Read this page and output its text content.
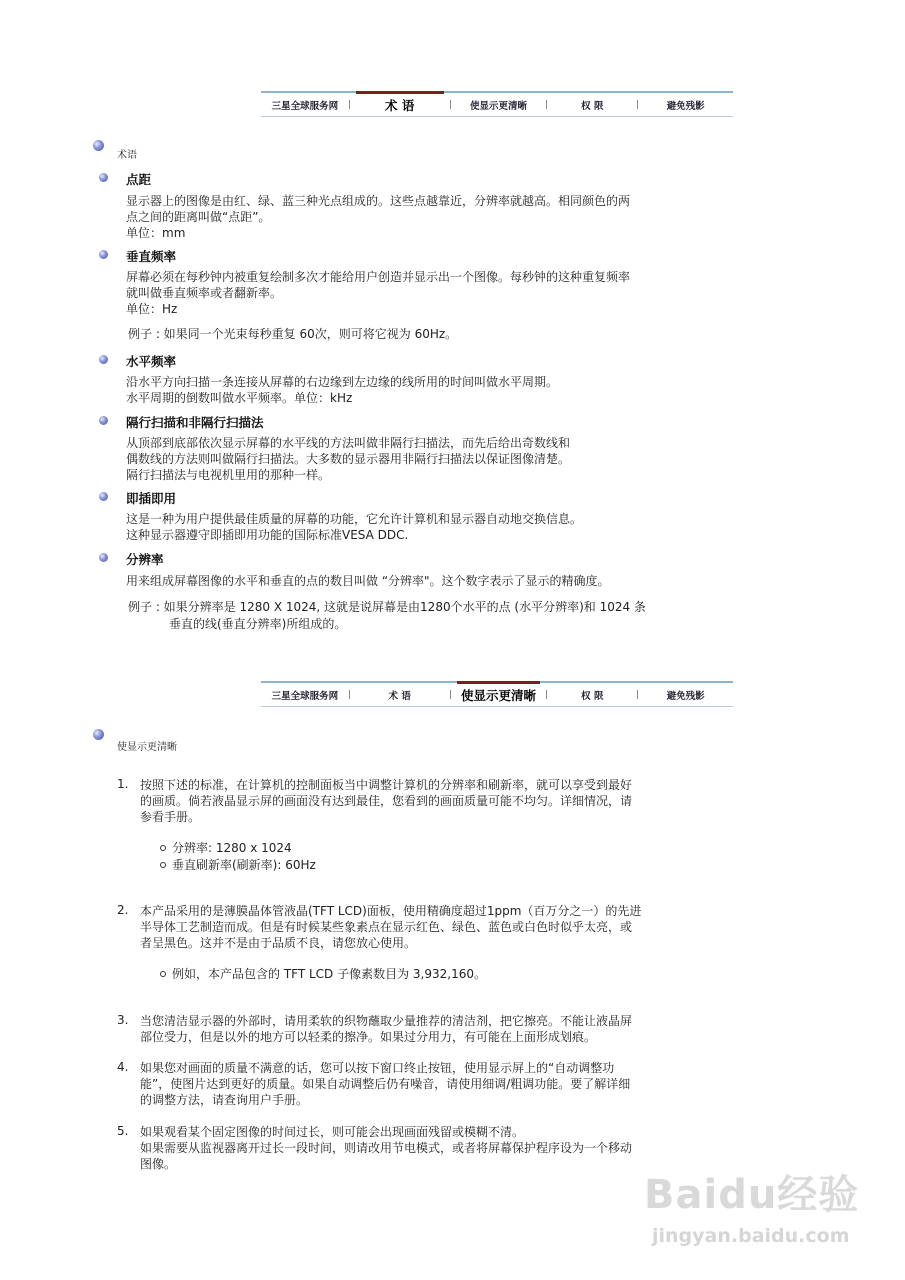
三星全球服务网	术 语	使显示更清晰	权 限	避免残影
术语
点距
显示器上的图像是由红、绿、蓝三种光点组成的。这些点越靠近，分辨率就越高。相同颜色的两
点之间的距离叫做“点距”。
单位：mm
垂直频率
屏幕必须在每秒钟内被重复绘制多次才能给用户创造并显示出一个图像。每秒钟的这种重复频率
就叫做垂直频率或者翻新率。
单位：Hz
例子 : 如果同一个光束每秒重复 60次，则可将它视为 60Hz。
水平频率
沿水平方向扫描一条连接从屏幕的右边缘到左边缘的线所用的时间叫做水平周期。
水平周期的倒数叫做水平频率。单位：kHz
隔行扫描和非隔行扫描法
从顶部到底部依次显示屏幕的水平线的方法叫做非隔行扫描法，而先后给出奇数线和
偶数线的方法则叫做隔行扫描法。大多数的显示器用非隔行扫描法以保证图像清楚。
隔行扫描法与电视机里用的那种一样。
即插即用
这是一种为用户提供最佳质量的屏幕的功能，它允许计算机和显示器自动地交换信息。
这种显示器遵守即插即用功能的国际标准VESA DDC.
分辨率
用来组成屏幕图像的水平和垂直的点的数目叫做 “分辨率"。这个数字表示了显示的精确度。
例子 : 如果分辨率是 1280 X 1024, 这就是说屏幕是由1280个水平的点 (水平分辨率)和 1024 条
垂直的线(垂直分辨率)所组成的。
三星全球服务网	术 语	使显示更清晰	权 限	避免残影
使显示更清晰
1. 按照下述的标准，在计算机的控制面板当中调整计算机的分辨率和刷新率，就可以享受到最好
的画质。倘若液晶显示屏的画面没有达到最佳，您看到的画面质量可能不均匀。详细情况，请
参看手册。
分辨率: 1280 x 1024
垂直刷新率(刷新率): 60Hz
2. 本产品采用的是薄膜晶体管液晶(TFT LCD)面板，使用精确度超过1ppm（百万分之一）的先进
半导体工艺制造而成。但是有时候某些象素点在显示红色、绿色、蓝色或白色时似乎太亮，或
者呈黑色。这并不是由于品质不良，请您放心使用。
例如，本产品包含的 TFT LCD 子像素数目为 3,932,160。
3. 当您清洁显示器的外部时，请用柔软的织物蘸取少量推荐的清洁剂，把它擦亮。不能让液晶屏
部位受力，但是以外的地方可以轻柔的擦净。如果过分用力，有可能在上面形成划痕。
4. 如果您对画面的质量不满意的话，您可以按下窗口终止按钮，使用显示屏上的“自动调整功
能”，使图片达到更好的质量。如果自动调整后仍有噪音，请使用细调/粗调功能。要了解详细
的调整方法，请查询用户手册。
5. 如果观看某个固定图像的时间过长，则可能会出现画面残留或模糊不清。
如果需要从监视器离开过长一段时间，则请改用节电模式，或者将屏幕保护程序设为一个移动
图像。
Baidu经验
jingyan.baidu.com
